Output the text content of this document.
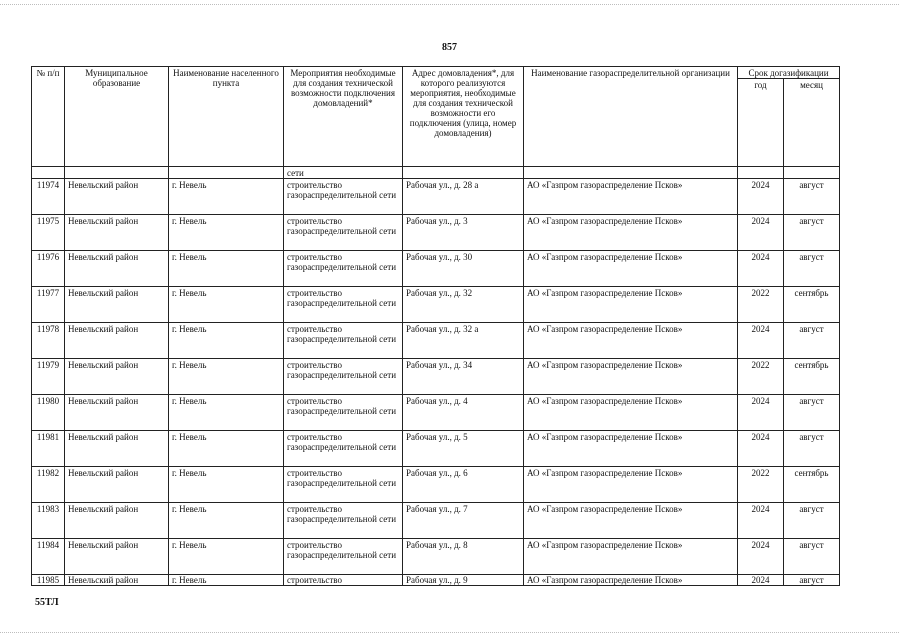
857
№ п/п	Муниципальное образование	Наименование населенного пункта	Мероприятия необходимые для создания технической возможности подключения домовладений*	Адрес домовладения*, для которого реализуются мероприятия, необходимые для создания технической возможности его подключения (улица, номер домовладения)	Наименование газораспределительной организации	Срок догазификации	
						год	месяц
			сети				
11974	Невельский район	г. Невель	строительство газораспределительной сети	Рабочая ул., д. 28 а	АО «Газпром газораспределение Псков»	2024	август
11975	Невельский район	г. Невель	строительство газораспределительной сети	Рабочая ул., д. 3	АО «Газпром газораспределение Псков»	2024	август
11976	Невельский район	г. Невель	строительство газораспределительной сети	Рабочая ул., д. 30	АО «Газпром газораспределение Псков»	2024	август
11977	Невельский район	г. Невель	строительство газораспределительной сети	Рабочая ул., д. 32	АО «Газпром газораспределение Псков»	2022	сентябрь
11978	Невельский район	г. Невель	строительство газораспределительной сети	Рабочая ул., д. 32 а	АО «Газпром газораспределение Псков»	2024	август
11979	Невельский район	г. Невель	строительство газораспределительной сети	Рабочая ул., д. 34	АО «Газпром газораспределение Псков»	2022	сентябрь
11980	Невельский район	г. Невель	строительство газораспределительной сети	Рабочая ул., д. 4	АО «Газпром газораспределение Псков»	2024	август
11981	Невельский район	г. Невель	строительство газораспределительной сети	Рабочая ул., д. 5	АО «Газпром газораспределение Псков»	2024	август
11982	Невельский район	г. Невель	строительство газораспределительной сети	Рабочая ул., д. 6	АО «Газпром газораспределение Псков»	2022	сентябрь
11983	Невельский район	г. Невель	строительство газораспределительной сети	Рабочая ул., д. 7	АО «Газпром газораспределение Псков»	2024	август
11984	Невельский район	г. Невель	строительство газораспределительной сети	Рабочая ул., д. 8	АО «Газпром газораспределение Псков»	2024	август
11985	Невельский район	г. Невель	строительство	Рабочая ул., д. 9	АО «Газпром газораспределение Псков»	2024	август
55ТЛ
